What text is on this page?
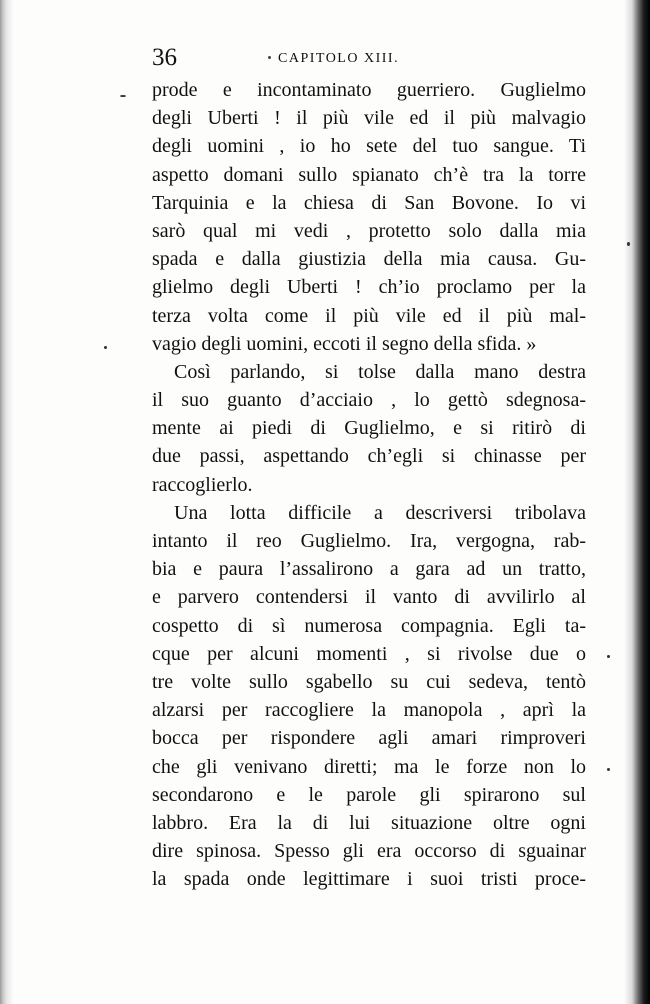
36	CAPITOLO XIII.
prode e incontaminato guerriero. Guglielmo
degli Uberti ! il più vile ed il più malvagio
degli uomini , io ho sete del tuo sangue. Ti
aspetto domani sullo spianato ch’è tra la torre
Tarquinia e la chiesa di San Bovone. Io vi
sarò qual mi vedi , protetto solo dalla mia
spada e dalla giustizia della mia causa. Gu-
glielmo degli Uberti ! ch’io proclamo per la
terza volta come il più vile ed il più mal-
vagio degli uomini, eccoti il segno della sfida. »
Così parlando, si tolse dalla mano destra
il suo guanto d’acciaio , lo gettò sdegnosa-
mente ai piedi di Guglielmo, e si ritirò di
due passi, aspettando ch’egli si chinasse per
raccoglierlo.
Una lotta difficile a descriversi tribolava
intanto il reo Guglielmo. Ira, vergogna, rab-
bia e paura l’assalirono a gara ad un tratto,
e parvero contendersi il vanto di avvilirlo al
cospetto di sì numerosa compagnia. Egli ta-
cque per alcuni momenti , si rivolse due o
tre volte sullo sgabello su cui sedeva, tentò
alzarsi per raccogliere la manopola , aprì la
bocca per rispondere agli amari rimproveri
che gli venivano diretti; ma le forze non lo
secondarono e le parole gli spirarono sul
labbro. Era la di lui situazione oltre ogni
dire spinosa. Spesso gli era occorso di sguainar
la spada onde legittimare i suoi tristi proce-
